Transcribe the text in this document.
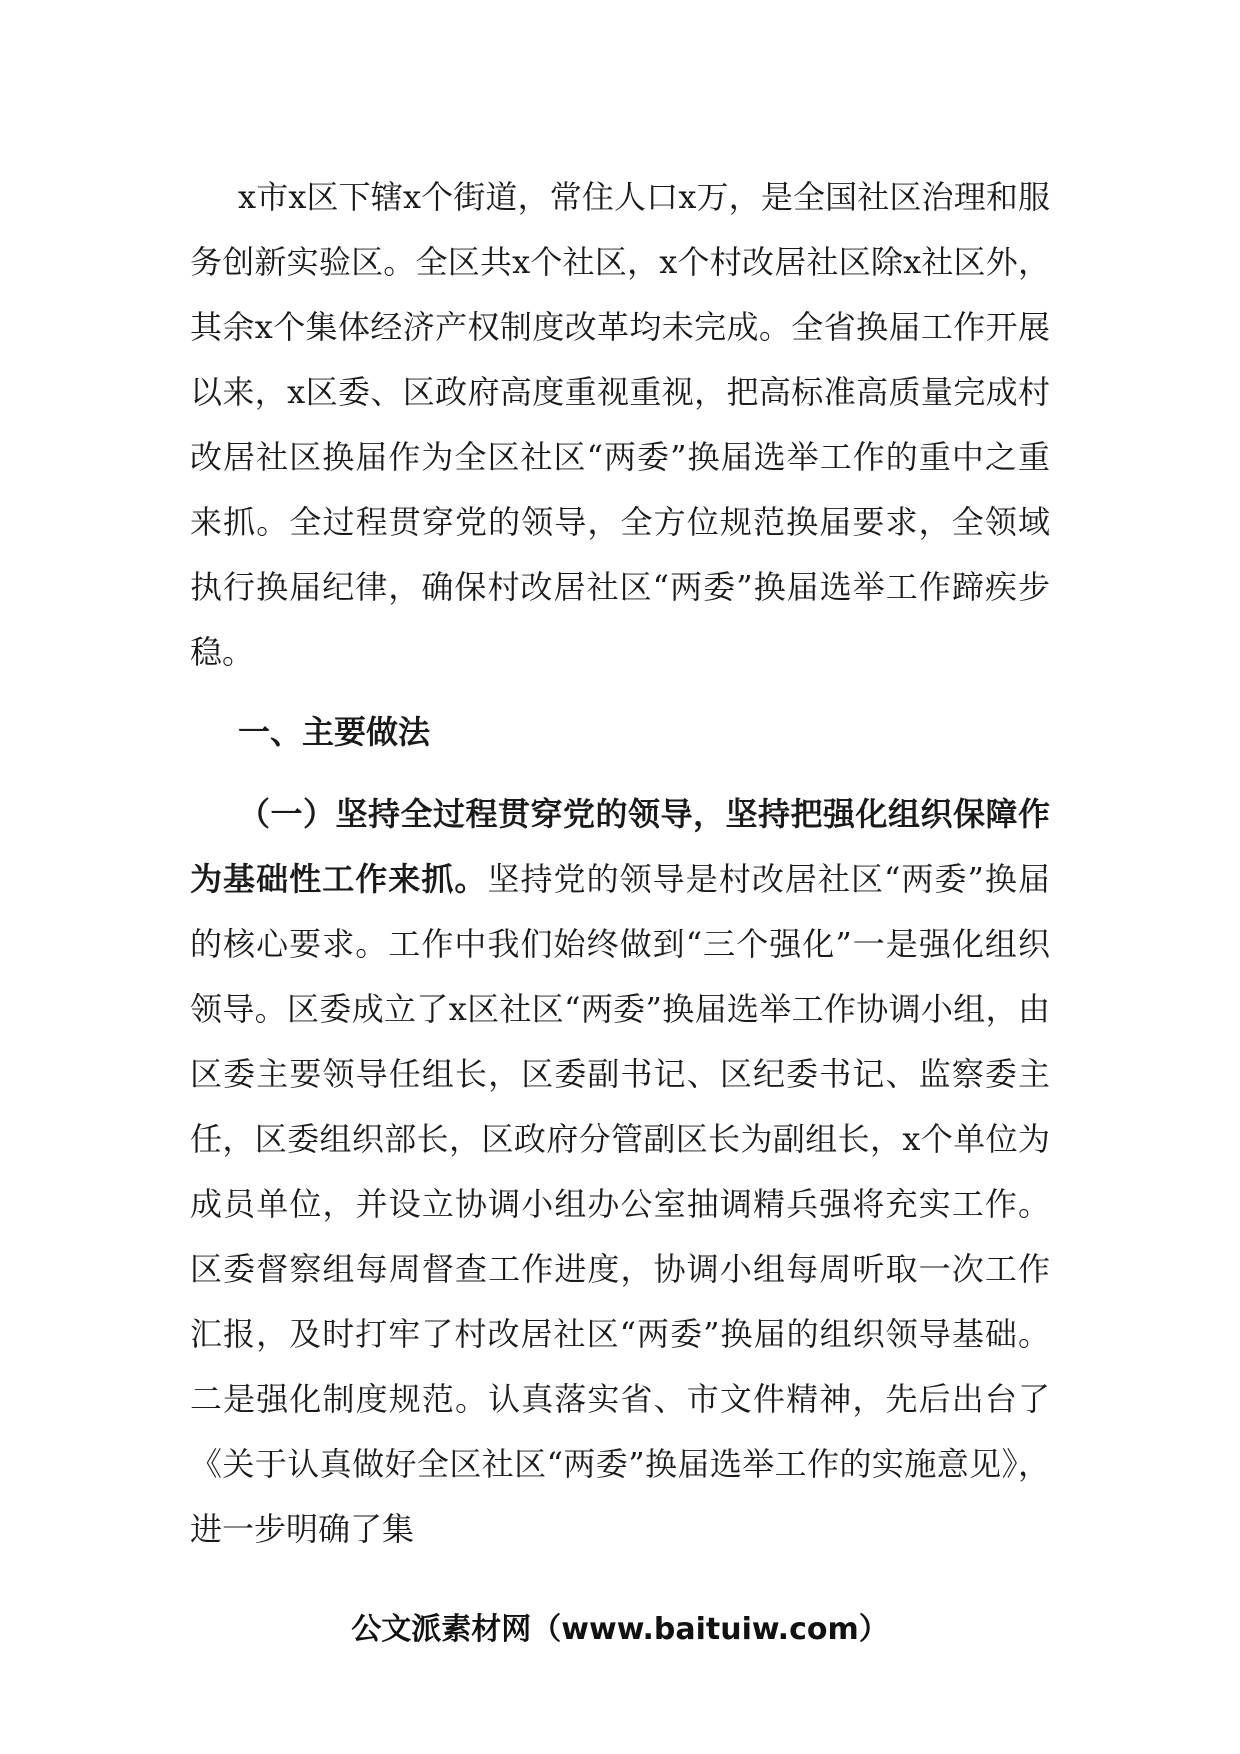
x市x区下辖x个街道，常住人口x万，是全国社区治理和服务创新实验区。全区共x个社区，x个村改居社区除x社区外，其余x个集体经济产权制度改革均未完成。全省换届工作开展以来，x区委、区政府高度重视重视，把高标准高质量完成村改居社区换届作为全区社区“两委”换届选举工作的重中之重来抓。全过程贯穿党的领导，全方位规范换届要求，全领域执行换届纪律，确保村改居社区“两委”换届选举工作蹄疾步稳。

一、主要做法

（一）坚持全过程贯穿党的领导，坚持把强化组织保障作为基础性工作来抓。坚持党的领导是村改居社区“两委”换届的核心要求。工作中我们始终做到“三个强化”一是强化组织领导。区委成立了x区社区“两委”换届选举工作协调小组，由区委主要领导任组长，区委副书记、区纪委书记、监察委主任，区委组织部长，区政府分管副区长为副组长，x个单位为成员单位，并设立协调小组办公室抽调精兵强将充实工作。区委督察组每周督查工作进度，协调小组每周听取一次工作汇报，及时打牢了村改居社区“两委”换届的组织领导基础。二是强化制度规范。认真落实省、市文件精神，先后出台了《关于认真做好全区社区“两委”换届选举工作的实施意见》，进一步明确了集

公文派素材网（www.baituiw.com）
